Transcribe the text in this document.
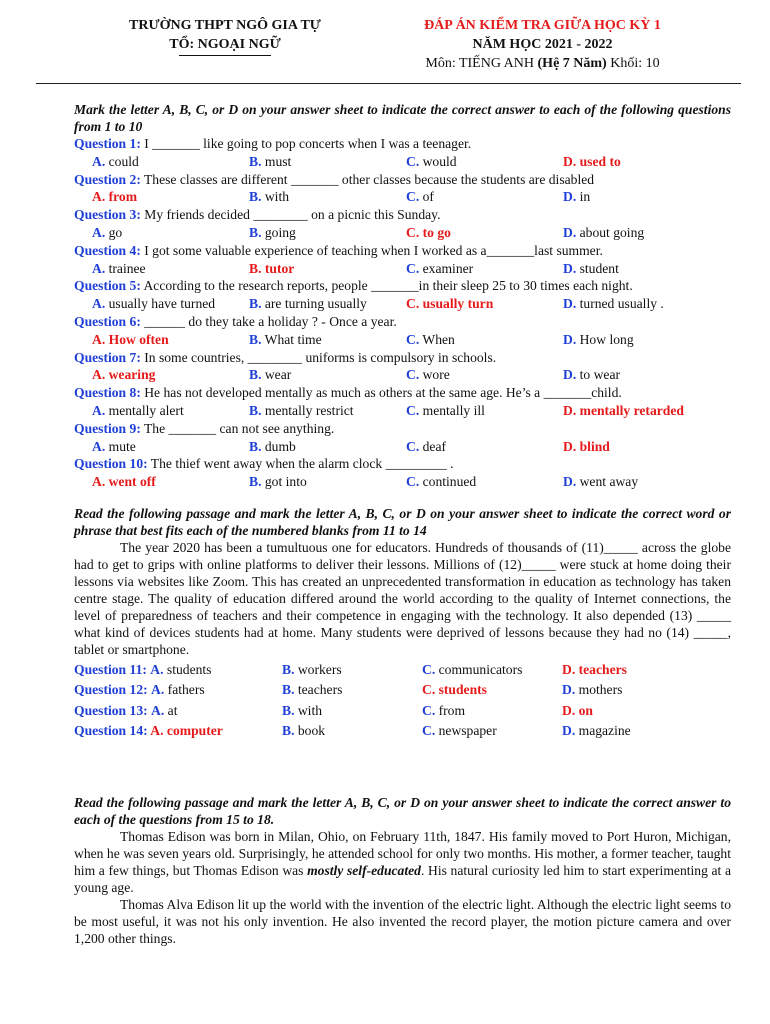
TRƯỜNG THPT NGÔ GIA TỰ
TỔ: NGOẠI NGỮ
ĐÁP ÁN KIỂM TRA GIỮA HỌC KỲ 1
NĂM HỌC 2021 - 2022
Môn: TIẾNG ANH (Hệ 7 Năm) Khối: 10

Mark the letter A, B, C, or D on your answer sheet to indicate the correct answer to each of the following questions from 1 to 10

Question 1: I _______ like going to pop concerts when I was a teenager.
A. could	B. must	C. would	D. used to
Question 2: These classes are different _______ other classes because the students are disabled
A. from	B. with	C. of	D. in
Question 3: My friends decided ________ on a picnic this Sunday.
A. go	B. going	C. to go	D. about going
Question 4: I got some valuable experience of teaching when I worked as a_______last summer.
A. trainee	B. tutor	C. examiner	D. student
Question 5: According to the research reports, people _______in their sleep 25 to 30 times each night.
A. usually have turned	B. are turning usually	C. usually turn	D. turned usually .
Question 6: ______ do they take a holiday ? - Once a year.
A. How often	B. What time	C. When	D. How long
Question 7: In some countries, ________ uniforms is compulsory in schools.
A. wearing	B. wear	C. wore	D. to wear
Question 8: He has not developed mentally as much as others at the same age. He’s a _______child.
A. mentally alert	B. mentally restrict	C. mentally ill	D. mentally retarded
Question 9: The _______ can not see anything.
A. mute	B. dumb	C. deaf	D. blind
Question 10: The thief went away when the alarm clock _________ .
A. went off	B. got into	C. continued	D. went away

Read the following passage and mark the letter A, B, C, or D on your answer sheet to indicate the correct word or phrase that best fits each of the numbered blanks from 11 to 14

The year 2020 has been a tumultuous one for educators. Hundreds of thousands of (11)_____ across the globe had to get to grips with online platforms to deliver their lessons. Millions of (12)_____ were stuck at home doing their lessons via websites like Zoom. This has created an unprecedented transformation in education as technology has taken centre stage. The quality of education differed around the world according to the quality of Internet connections, the level of preparedness of teachers and their competence in engaging with the technology. It also depended (13) _____ what kind of devices students had at home. Many students were deprived of lessons because they had no (14) _____, tablet or smartphone.

Question 11: A. students	B. workers	C. communicators	D. teachers
Question 12: A. fathers	B. teachers	C. students	D. mothers
Question 13: A. at	B. with	C. from	D. on
Question 14: A. computer	B. book	C. newspaper	D. magazine

Read the following passage and mark the letter A, B, C, or D on your answer sheet to indicate the correct answer to each of the questions from 15 to 18.

Thomas Edison was born in Milan, Ohio, on February 11th, 1847. His family moved to Port Huron, Michigan, when he was seven years old. Surprisingly, he attended school for only two months. His mother, a former teacher, taught him a few things, but Thomas Edison was mostly self-educated. His natural curiosity led him to start experimenting at a young age.

Thomas Alva Edison lit up the world with the invention of the electric light. Although the electric light seems to be most useful, it was not his only invention. He also invented the record player, the motion picture camera and over 1,200 other things.
